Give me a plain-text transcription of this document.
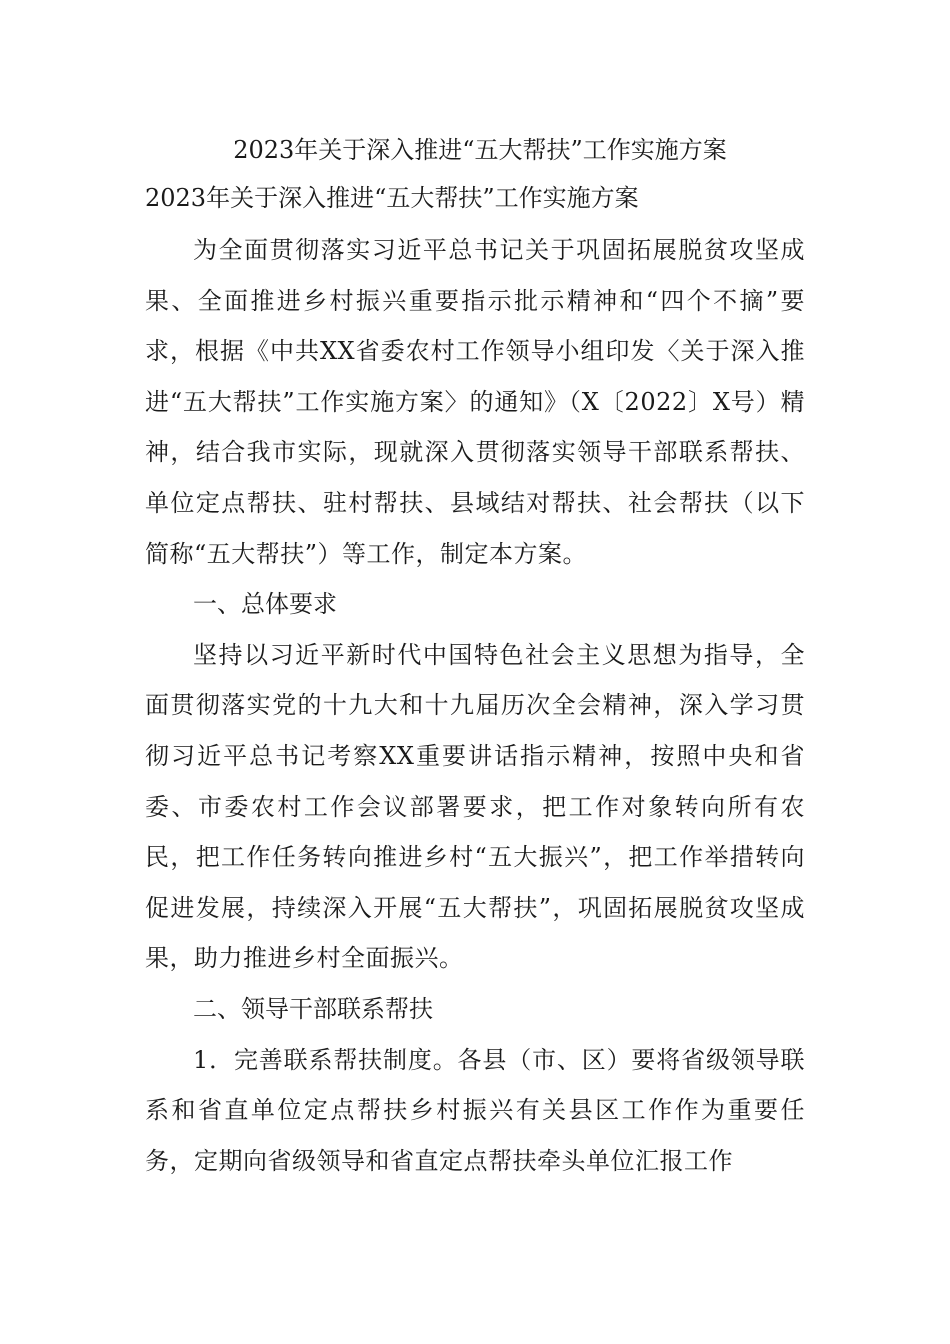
2023年关于深入推进“五大帮扶”工作实施方案

2023年关于深入推进“五大帮扶”工作实施方案

为全面贯彻落实习近平总书记关于巩固拓展脱贫攻坚成果、全面推进乡村振兴重要指示批示精神和“四个不摘”要求，根据《中共XX省委农村工作领导小组印发〈关于深入推进“五大帮扶”工作实施方案〉的通知》（X〔2022〕X号）精神，结合我市实际，现就深入贯彻落实领导干部联系帮扶、单位定点帮扶、驻村帮扶、县域结对帮扶、社会帮扶（以下简称“五大帮扶”）等工作，制定本方案。

一、总体要求

坚持以习近平新时代中国特色社会主义思想为指导，全面贯彻落实党的十九大和十九届历次全会精神，深入学习贯彻习近平总书记考察XX重要讲话指示精神，按照中央和省委、市委农村工作会议部署要求，把工作对象转向所有农民，把工作任务转向推进乡村“五大振兴”，把工作举措转向促进发展，持续深入开展“五大帮扶”，巩固拓展脱贫攻坚成果，助力推进乡村全面振兴。

二、领导干部联系帮扶

1．完善联系帮扶制度。各县（市、区）要将省级领导联系和省直单位定点帮扶乡村振兴有关县区工作作为重要任务，定期向省级领导和省直定点帮扶牵头单位汇报工作
